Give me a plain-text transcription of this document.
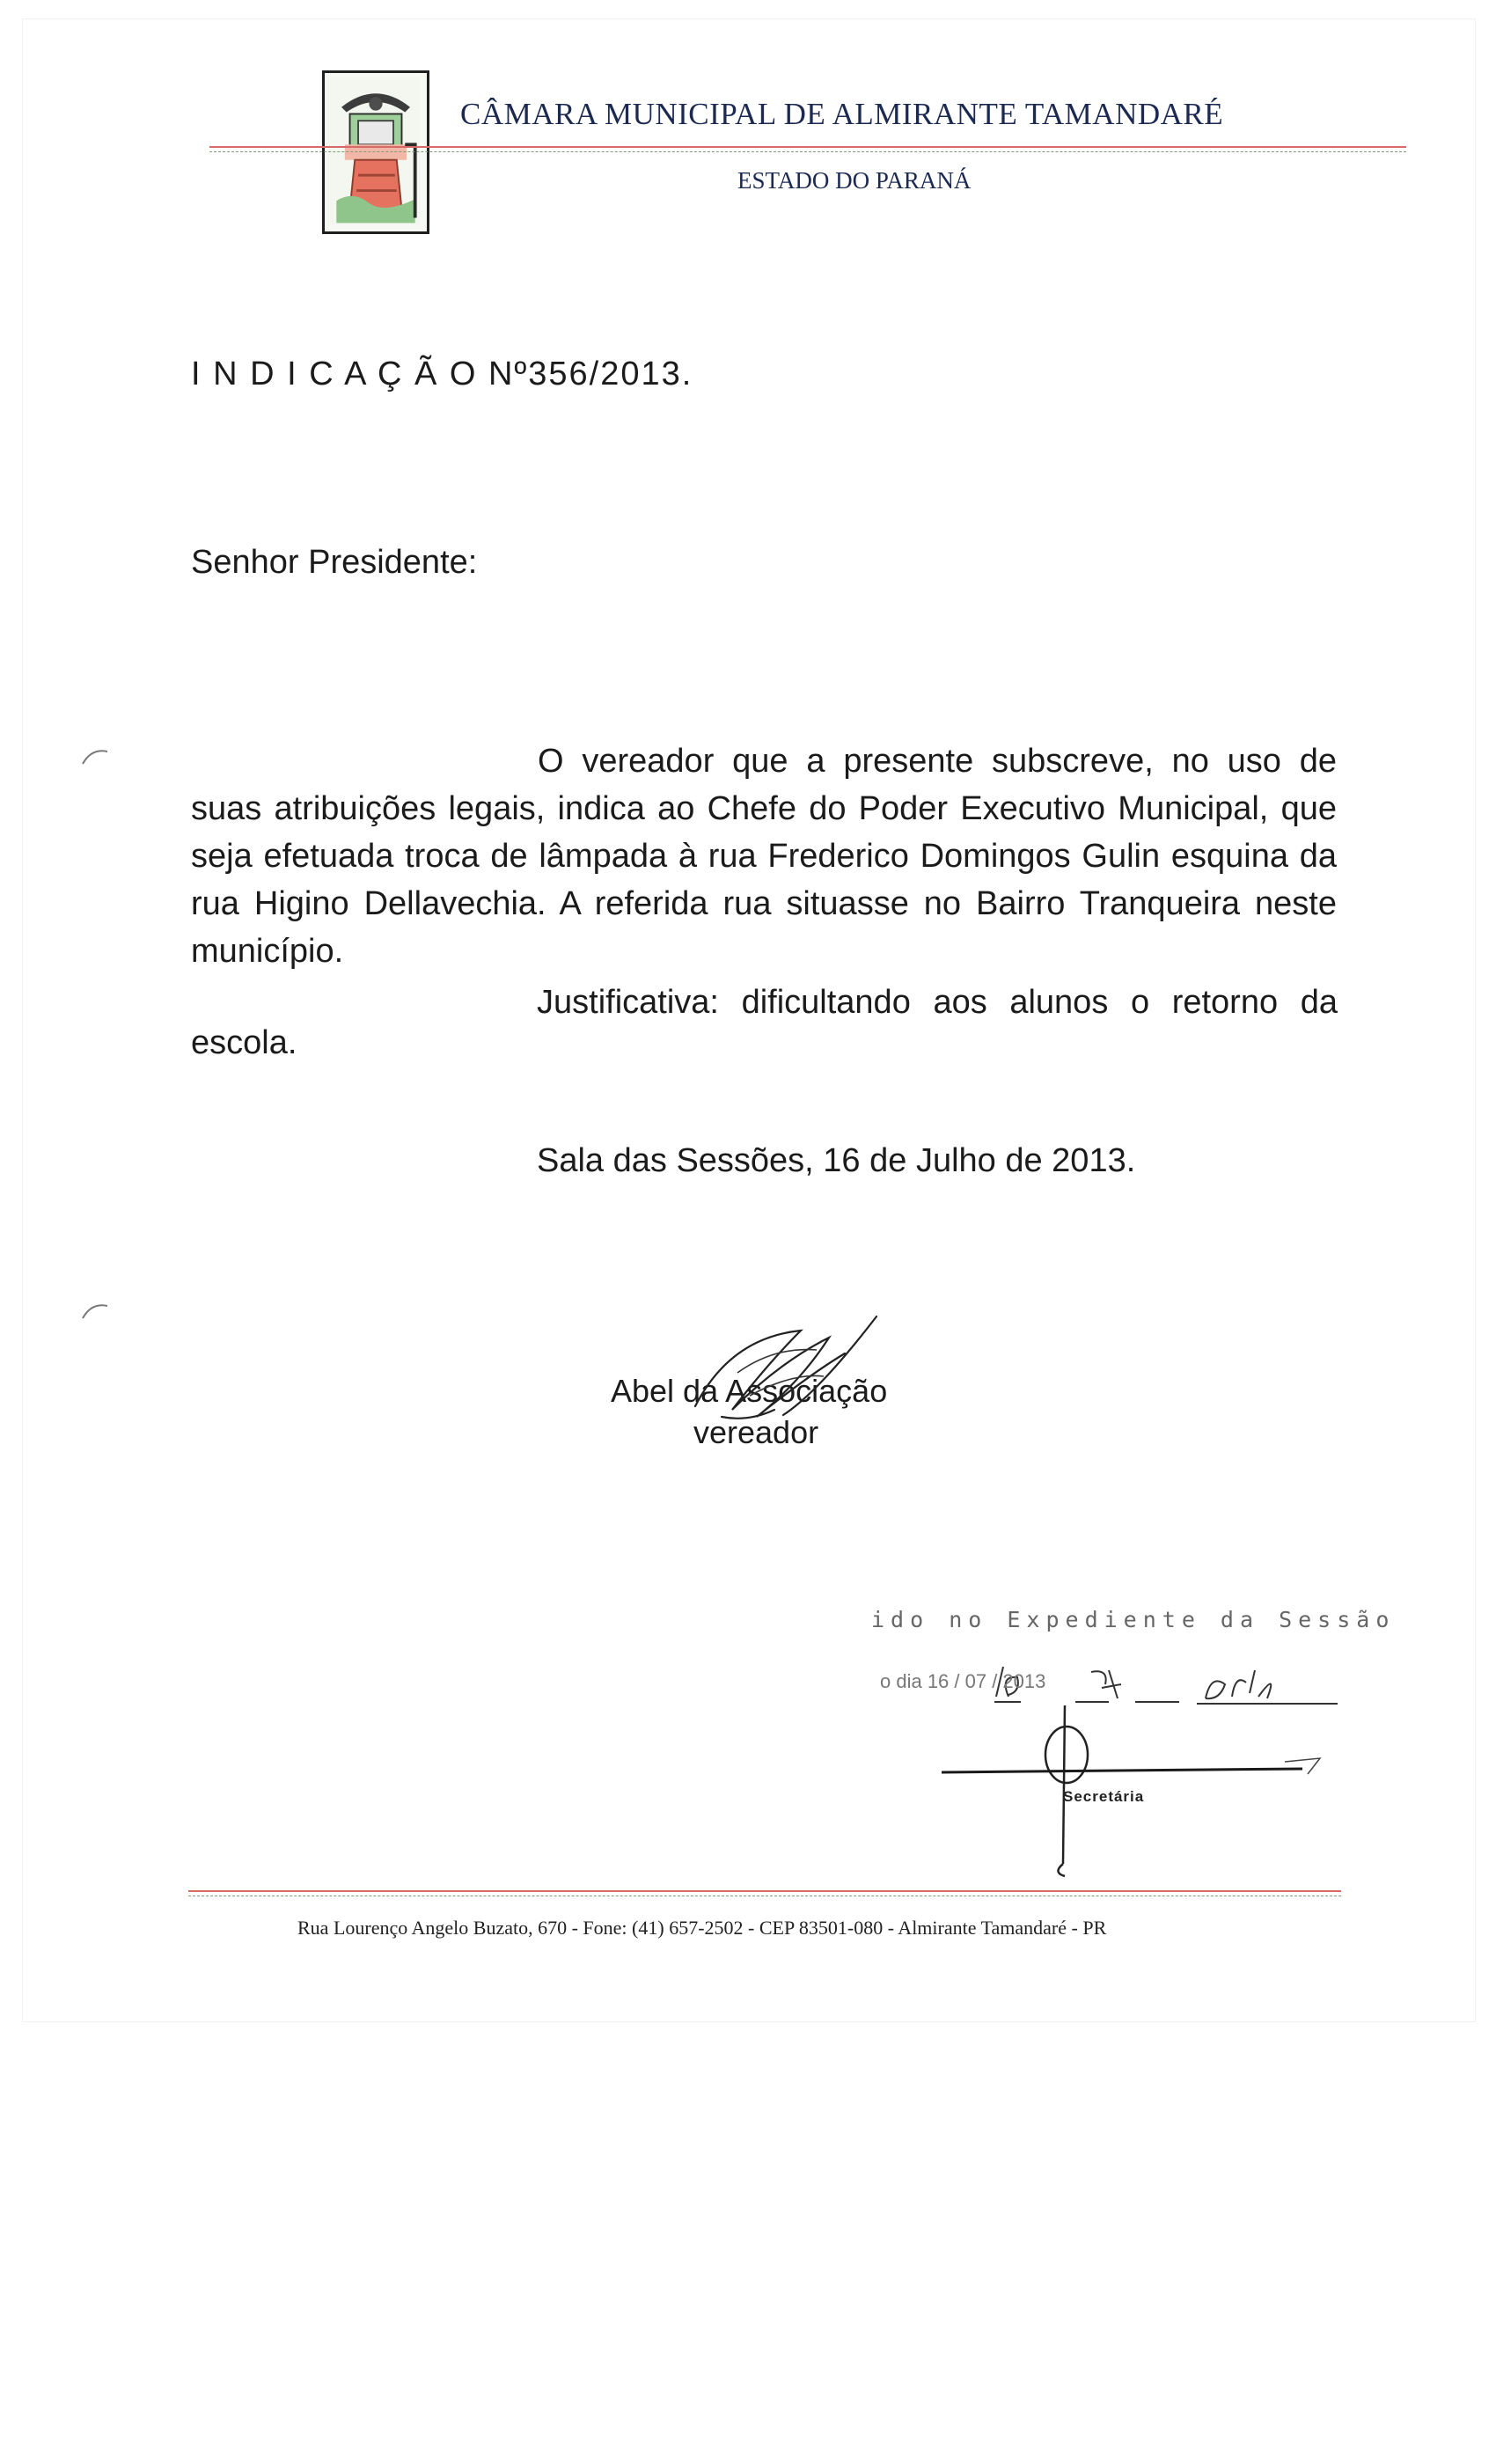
CÂMARA MUNICIPAL DE ALMIRANTE TAMANDARÉ

ESTADO DO PARANÁ

I N D I C A Ç Ã O Nº356/2013.

Senhor Presidente:

O vereador que a presente subscreve, no uso de suas atribuições legais, indica ao Chefe do Poder Executivo Municipal, que seja efetuada troca de lâmpada à rua Frederico Domingos Gulin esquina da rua Higino Dellavechia. A referida rua situasse no Bairro Tranqueira neste município.

Justificativa: dificultando aos alunos o retorno da

escola.

Sala das Sessões, 16 de Julho de 2013.

Abel da Associação

vereador

ido no Expediente da Sessão

o dia 16 / 07 / 2013

Secretária

Rua Lourenço Angelo Buzato, 670 - Fone: (41) 657-2502 - CEP 83501-080 - Almirante Tamandaré - PR
